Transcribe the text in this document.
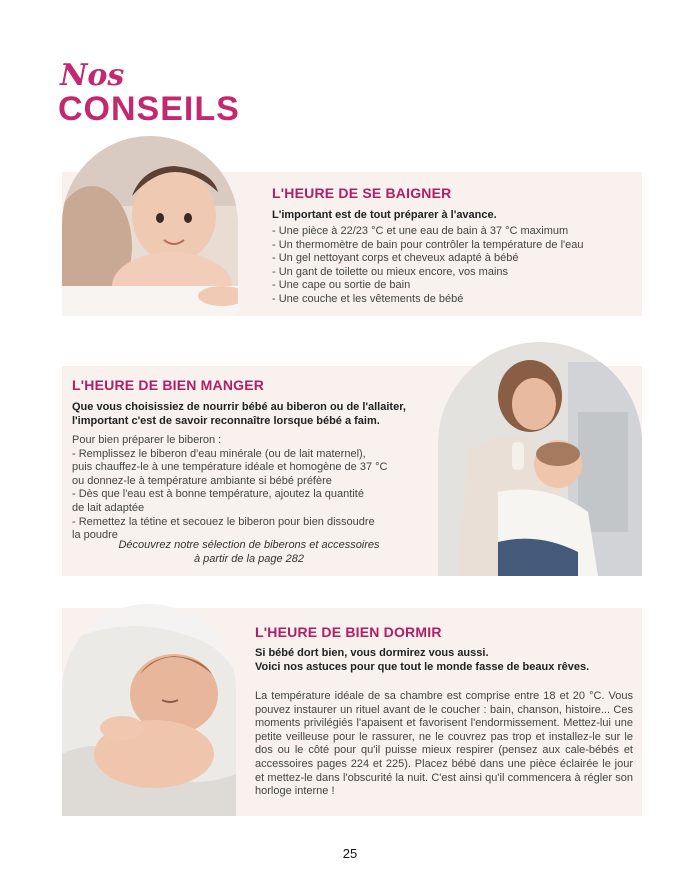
Nos
CONSEILS
L'HEURE DE SE BAIGNER
L'important est de tout préparer à l'avance.
- Une pièce à 22/23 °C et une eau de bain à 37 °C maximum
- Un thermomètre de bain pour contrôler la température de l'eau
- Un gel nettoyant corps et cheveux adapté à bébé
- Un gant de toilette ou mieux encore, vos mains
- Une cape ou sortie de bain
- Une couche et les vêtements de bébé
L'HEURE DE BIEN MANGER
Que vous choisissiez de nourrir bébé au biberon ou de l'allaiter,
l'important c'est de savoir reconnaître lorsque bébé a faim.

Pour bien préparer le biberon :

- Remplissez le biberon d'eau minérale (ou de lait maternel),

puis chauffez-le à une température idéale et homogène de 37 °C

ou donnez-le à température ambiante si bébé préfère

- Dès que l'eau est à bonne température, ajoutez la quantité

de lait adaptée

- Remettez la tétine et secouez le biberon pour bien dissoudre

la poudre

Découvrez notre sélection de biberons et accessoires
à partir de la page 282
L'HEURE DE BIEN DORMIR
Si bébé dort bien, vous dormirez vous aussi.
Voici nos astuces pour que tout le monde fasse de beaux rêves.
La température idéale de sa chambre est comprise entre 18 et 20 °C. Vous pouvez instaurer un rituel avant de le coucher : bain, chanson, histoire... Ces moments privilégiés l'apaisent et favorisent l'endormissement. Mettez-lui une petite veilleuse pour le rassurer, ne le couvrez pas trop et installez-le sur le dos ou le côté pour qu'il puisse mieux respirer (pensez aux cale-bébés et accessoires pages 224 et 225). Placez bébé dans une pièce éclairée le jour et mettez-le dans l'obscurité la nuit. C'est ainsi qu'il commencera à régler son horloge interne !
25
